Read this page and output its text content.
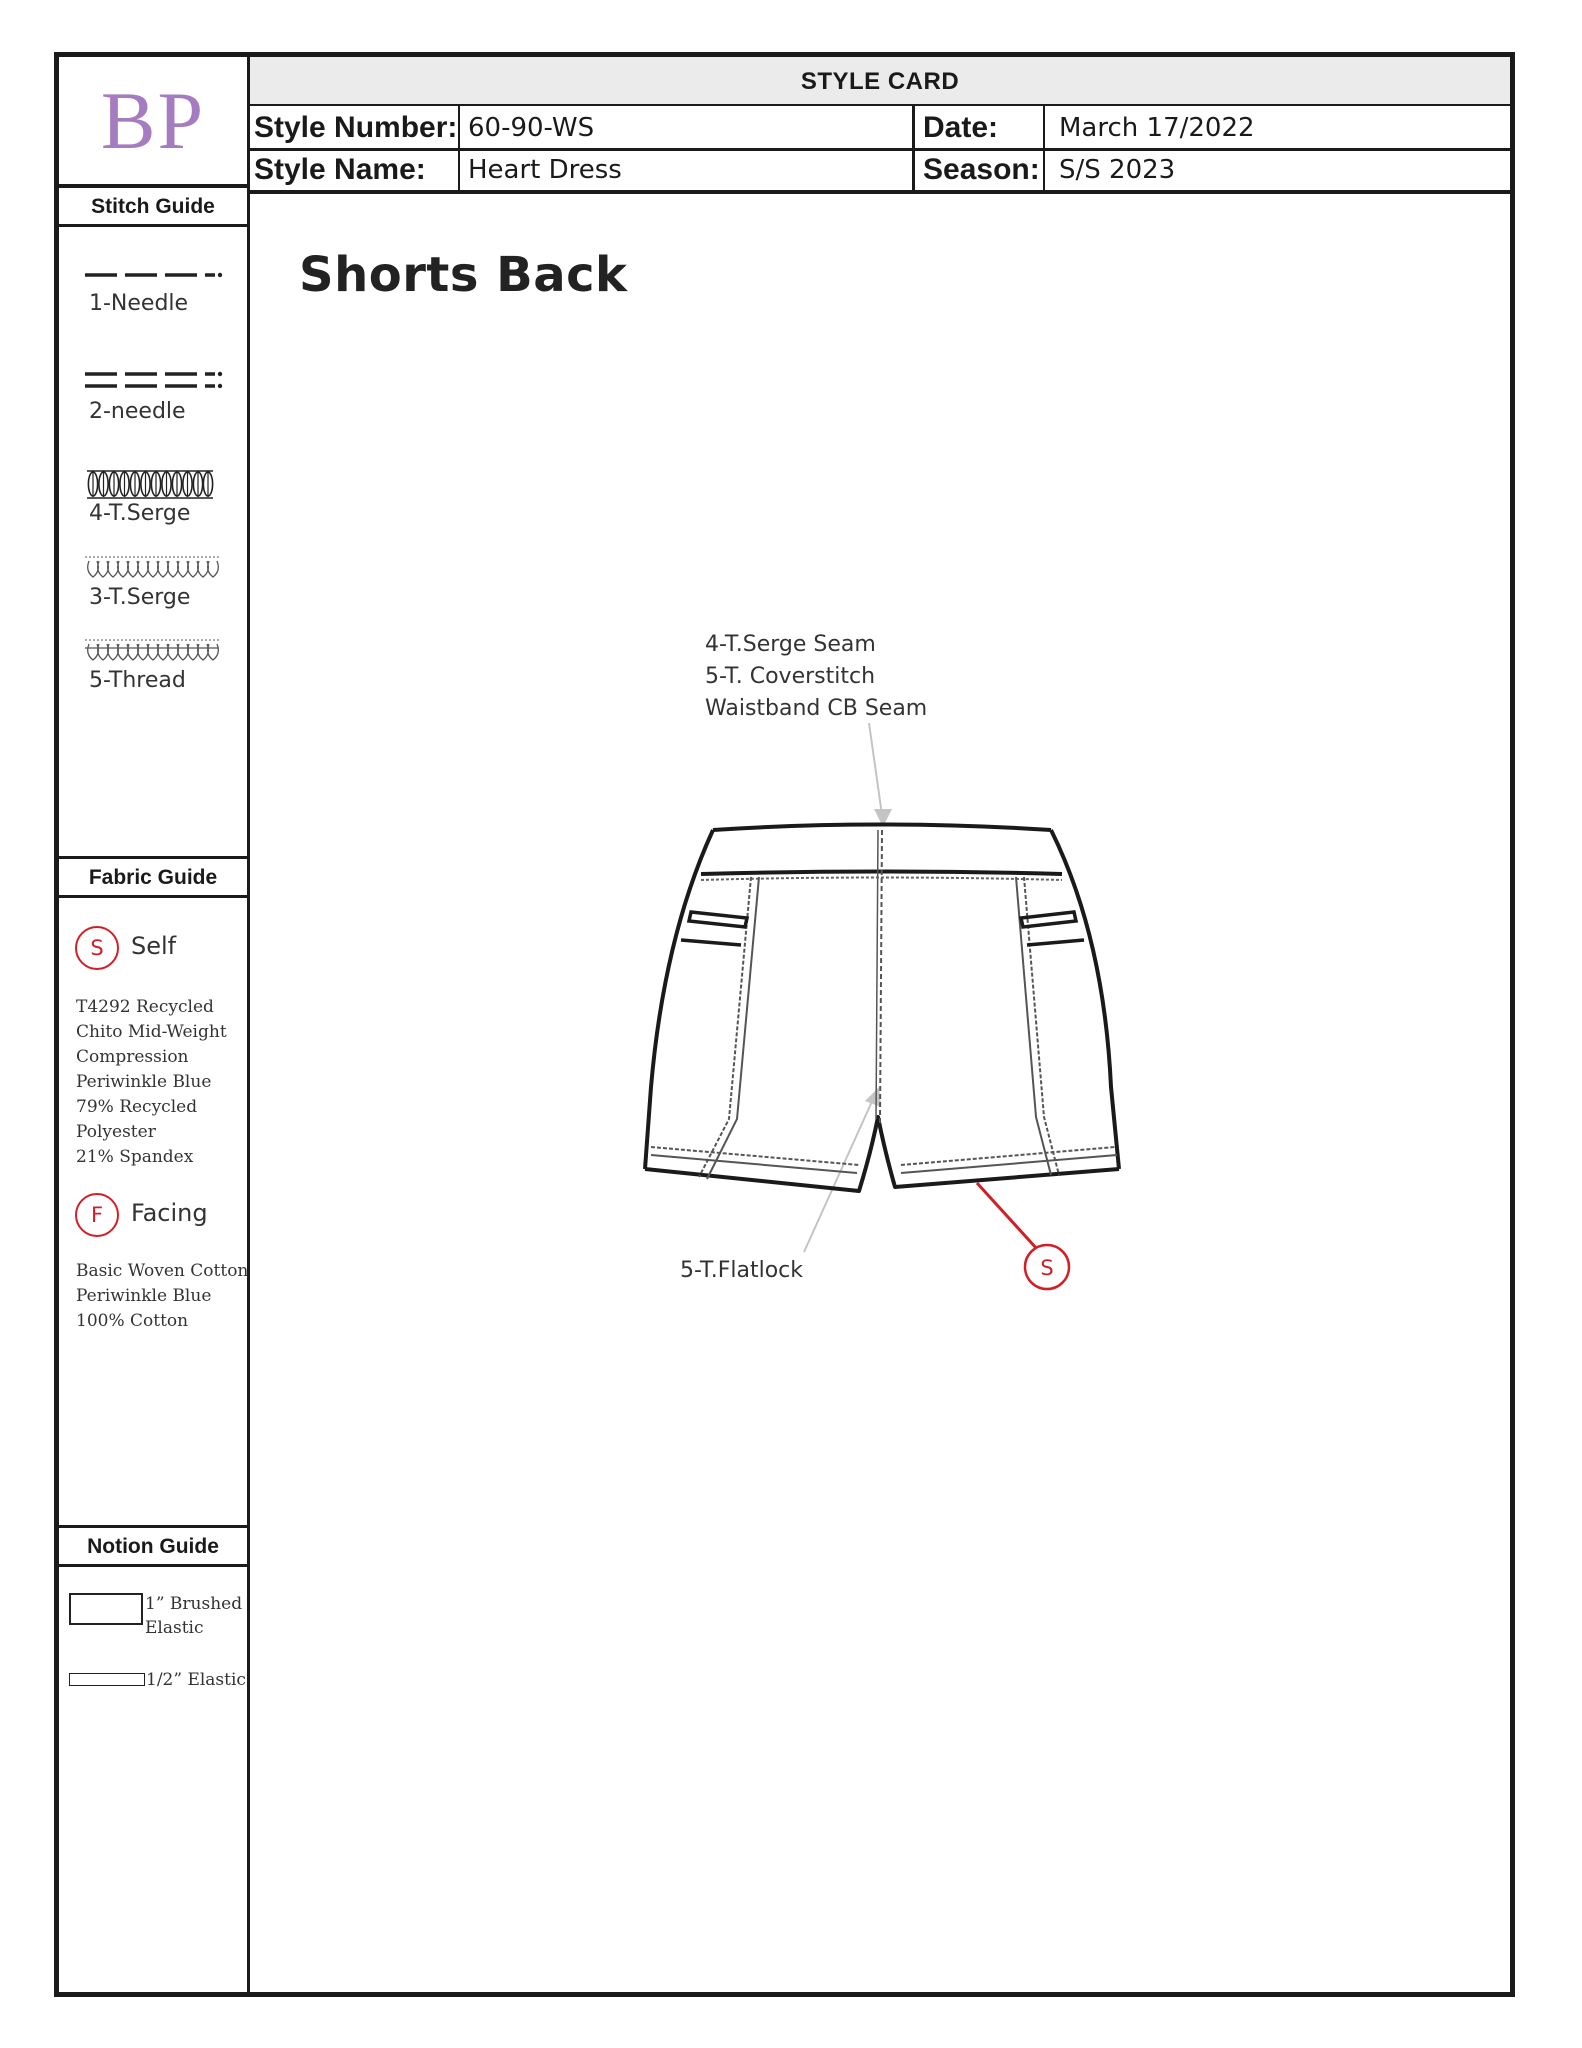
BP	STYLE CARD
Style Number: 60-90-WS	Date:	March 17/2022
Style Name:	Heart Dress	Season: S/S 2023
Stitch Guide
1-Needle
2-needle
4-T.Serge
3-T.Serge
5-Thread
Fabric Guide
S	Self
T4292 Recycled
Chito Mid-Weight
Compression
Periwinkle Blue
79% Recycled
Polyester
21% Spandex
F	Facing
Basic Woven Cotton
Periwinkle Blue
100% Cotton
Notion Guide
1” Brushed
Elastic
1/2” Elastic
Shorts Back
4-T.Serge Seam
5-T. Coverstitch
Waistband CB Seam
5-T.Flatlock	S
